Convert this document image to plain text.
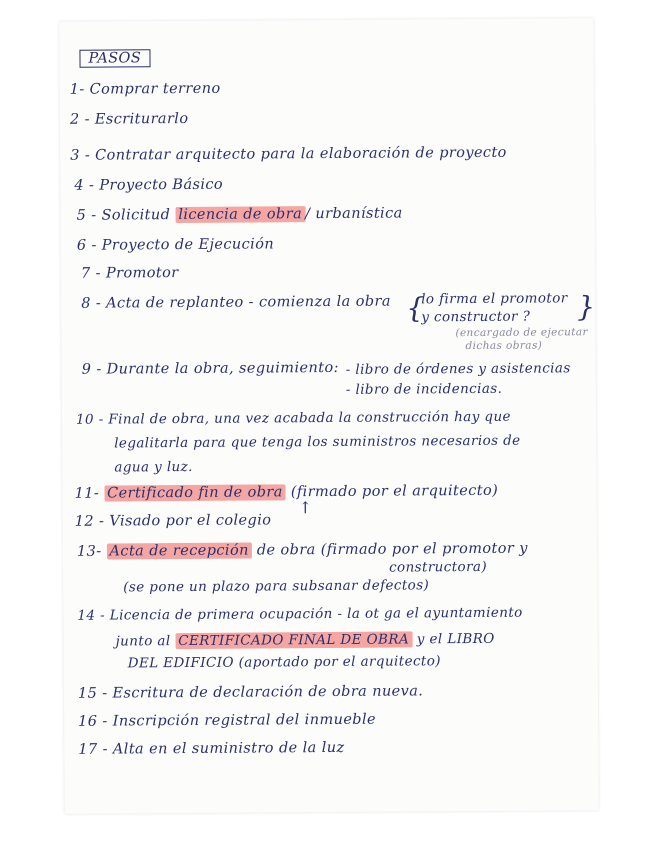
PASOS
1- Comprar terreno
2 - Escriturarlo
3 - Contratar arquitecto para la elaboración de proyecto
4 - Proyecto Básico
5 - Solicitud licencia de obra / urbanística
6 - Proyecto de Ejecución
7 - Promotor
8 - Acta de replanteo - comienza la obra {
lo firma el promotor
y constructor ? }
(encargado de ejecutar
dichas obras)
9 - Durante la obra, seguimiento: - libro de órdenes y asistencias
- libro de incidencias.
10 - Final de obra, una vez acabada la construcción hay que
legalitarla para que tenga los suministros necesarios de
agua y luz.
11- Certificado fin de obra (firmado por el arquitecto)
12 - Visado por el colegio
↑
13- Acta de recepción de obra (firmado por el promotor y
constructora)
(se pone un plazo para subsanar defectos)
14 - Licencia de primera ocupación - la ot ga el ayuntamiento
junto al CERTIFICADO FINAL DE OBRA y el LIBRO
DEL EDIFICIO (aportado por el arquitecto)
15 - Escritura de declaración de obra nueva.
16 - Inscripción registral del inmueble
17 - Alta en el suministro de la luz
